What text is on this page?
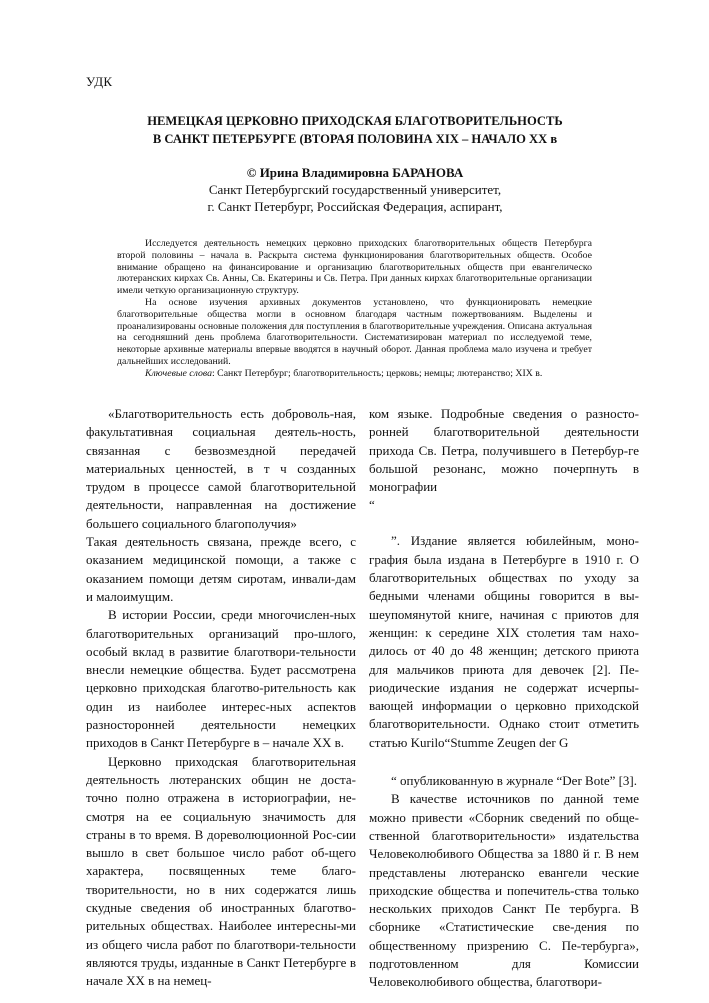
УДК
НЕМЕЦКАЯ ЦЕРКОВНО ПРИХОДСКАЯ БЛАГОТВОРИТЕЛЬНОСТЬ
В САНКТ ПЕТЕРБУРГЕ (ВТОРАЯ ПОЛОВИНА XIX – НАЧАЛО XX в
© Ирина Владимировна БАРАНОВА
Санкт Петербургский государственный университет,
г. Санкт Петербург, Российская Федерация, аспирант,

Исследуется деятельность немецких церковно приходских благотворительных обществ Петербурга второй половины – начала в. Раскрыта система функционирования благотворительных обществ. Особое внимание обращено на финансирование и организацию благотворительных обществ при евангелическо лютеранских кирхах Св. Анны, Св. Екатерины и Св. Петра. При данных кирхах благотворительные организации имели четкую организационную структуру.

На основе изучения архивных документов установлено, что функционировать немецкие благотворительные общества могли в основном благодаря частным пожертвованиям. Выделены и проанализированы основные положения для поступления в благотворительные учреждения. Описана актуальная на сегодняшний день проблема благотворительности. Систематизирован материал по исследуемой теме, некоторые архивные материалы впервые вводятся в научный оборот. Данная проблема мало изучена и требует дальнейших исследований.

Ключевые слова: Санкт Петербург; благотворительность; церковь; немцы; лютеранство; XIX в.

«Благотворительность есть доброволь-ная, факультативная социальная деятель-ность, связанная с безвозмездной передачей материальных ценностей, в т ч созданных трудом в процессе самой благотворительной деятельности, направленная на достижение большего социального благополучия»

Такая деятельность связана, прежде всего, с оказанием медицинской помощи, а также с оказанием помощи детям сиротам, инвали-дам и малоимущим.

В истории России, среди многочислен-ных благотворительных организаций про-шлого, особый вклад в развитие благотвори-тельности внесли немецкие общества. Будет рассмотрена церковно приходская благотво-рительность как один из наиболее интерес-ных аспектов разносторонней деятельности немецких приходов в Санкт Петербурге в – начале XX в.

Церковно приходская благотворительная деятельность лютеранских общин не доста-точно полно отражена в историографии, не-смотря на ее социальную значимость для страны в то время. В дореволюционной Рос-сии вышло в свет большое число работ об-щего характера, посвященных теме благо-творительности, но в них содержатся лишь скудные сведения об иностранных благотво-рительных обществах. Наиболее интересны-ми из общего числа работ по благотвори-тельности являются труды, изданные в Санкт Петербурге в начале XX в на немец-

ком языке. Подробные сведения о разносто-ронней благотворительной деятельности прихода Св. Петра, получившего в Петербур-ге большой резонанс, можно почерпнуть в монографии

“

”. Издание является юбилейным, моно-графия была издана в Петербурге в 1910 г. О благотворительных обществах по уходу за бедными членами общины говорится в вы-шеупомянутой книге, начиная с приютов для женщин: к середине XIX столетия там нахо-дилось от 40 до 48 женщин; детского приюта для мальчиков приюта для девочек [2]. Пе-риодические издания не содержат исчерпы-вающей информации о церковно приходской благотворительности. Однако стоит отметить статью Kurilo“Stumme Zeugen der G

“ опубликованную в журнале “Der Bote” [3].

В качестве источников по данной теме можно привести «Сборник сведений по обще-ственной благотворительности» издательства Человеколюбивого Общества за 1880 й г. В нем представлены лютеранско евангели ческие приходские общества и попечитель-ства только нескольких приходов Санкт Пе тербурга. В сборнике «Статистические све-дения по общественному призрению С. Пе-тербурга», подготовленном для Комиссии Человеколюбивого общества, благотвори-
